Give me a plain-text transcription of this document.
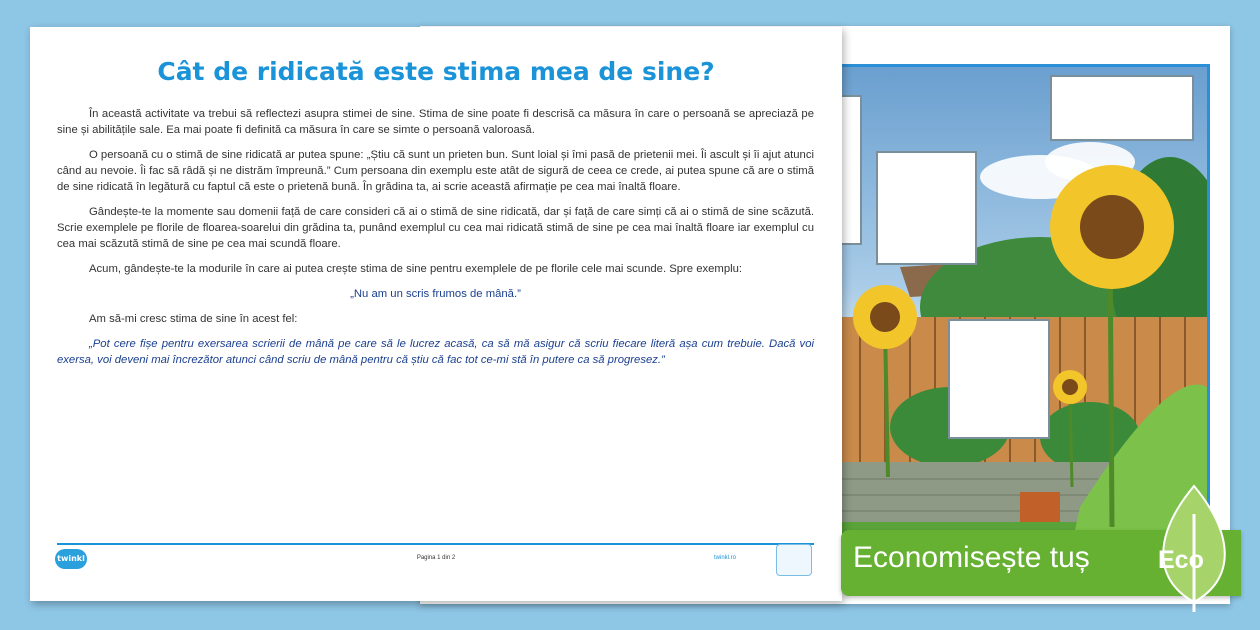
Cât de ridicată este stima mea de sine?

În această activitate va trebui să reflectezi asupra stimei de sine. Stima de sine poate fi descrisă ca măsura în care o persoană se apreciază pe sine și abilitățile sale. Ea mai poate fi definită ca măsura în care se simte o persoană valoroasă.

O persoană cu o stimă de sine ridicată ar putea spune: „Știu că sunt un prieten bun. Sunt loial și îmi pasă de prietenii mei. Îi ascult și îi ajut atunci când au nevoie. Îi fac să râdă și ne distrăm împreună.” Cum persoana din exemplu este atât de sigură de ceea ce crede, ai putea spune că are o stimă de sine ridicată în legătură cu faptul că este o prietenă bună. În grădina ta, ai scrie această afirmație pe cea mai înaltă floare.

Gândește-te la momente sau domenii față de care consideri că ai o stimă de sine ridicată, dar și față de care simți că ai o stimă de sine scăzută. Scrie exemplele pe florile de floarea-soarelui din grădina ta, punând exemplul cu cea mai ridicată stimă de sine pe cea mai înaltă floare iar exemplul cu cea mai scăzută stimă de sine pe cea mai scundă floare.

Acum, gândește-te la modurile în care ai putea crește stima de sine pentru exemplele de pe florile cele mai scunde. Spre exemplu:

„Nu am un scris frumos de mână.”

Am să-mi cresc stima de sine în acest fel:

„Pot cere fișe pentru exersarea scrierii de mână pe care să le lucrez acasă, ca să mă asigur că scriu fiecare literă așa cum trebuie. Dacă voi exersa, voi deveni mai încrezător atunci când scriu de mână pentru că știu că fac tot ce-mi stă în putere ca să progresez.”

twinkl	Pagina 1 din 2	twinkl.ro	Economisește tuș	Eco
